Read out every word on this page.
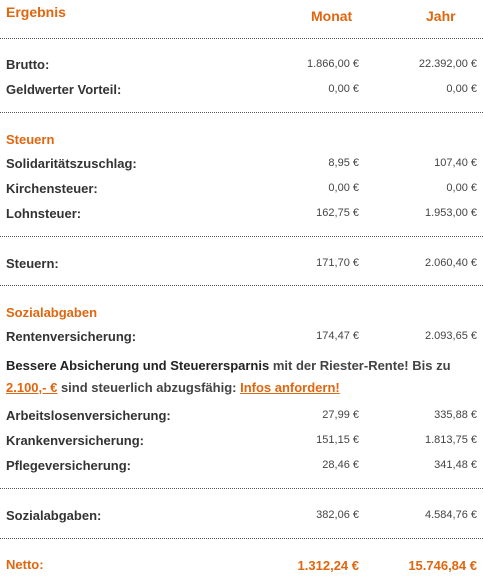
Ergebnis	Monat	Jahr
Brutto:	1.866,00 €	22.392,00 €
Geldwerter Vorteil:	0,00 €	0,00 €
Steuern
Solidaritätszuschlag:	8,95 €	107,40 €
Kirchensteuer:	0,00 €	0,00 €
Lohnsteuer:	162,75 €	1.953,00 €
Steuern:	171,70 €	2.060,40 €
Sozialabgaben
Rentenversicherung:	174,47 €	2.093,65 €
Bessere Absicherung und Steuerersparnis mit der Riester-Rente! Bis zu 2.100,- € sind steuerlich abzugsfähig: Infos anfordern!
Arbeitslosenversicherung:	27,99 €	335,88 €
Krankenversicherung:	151,15 €	1.813,75 €
Pflegeversicherung:	28,46 €	341,48 €
Sozialabgaben:	382,06 €	4.584,76 €
Netto:	1.312,24 €	15.746,84 €
